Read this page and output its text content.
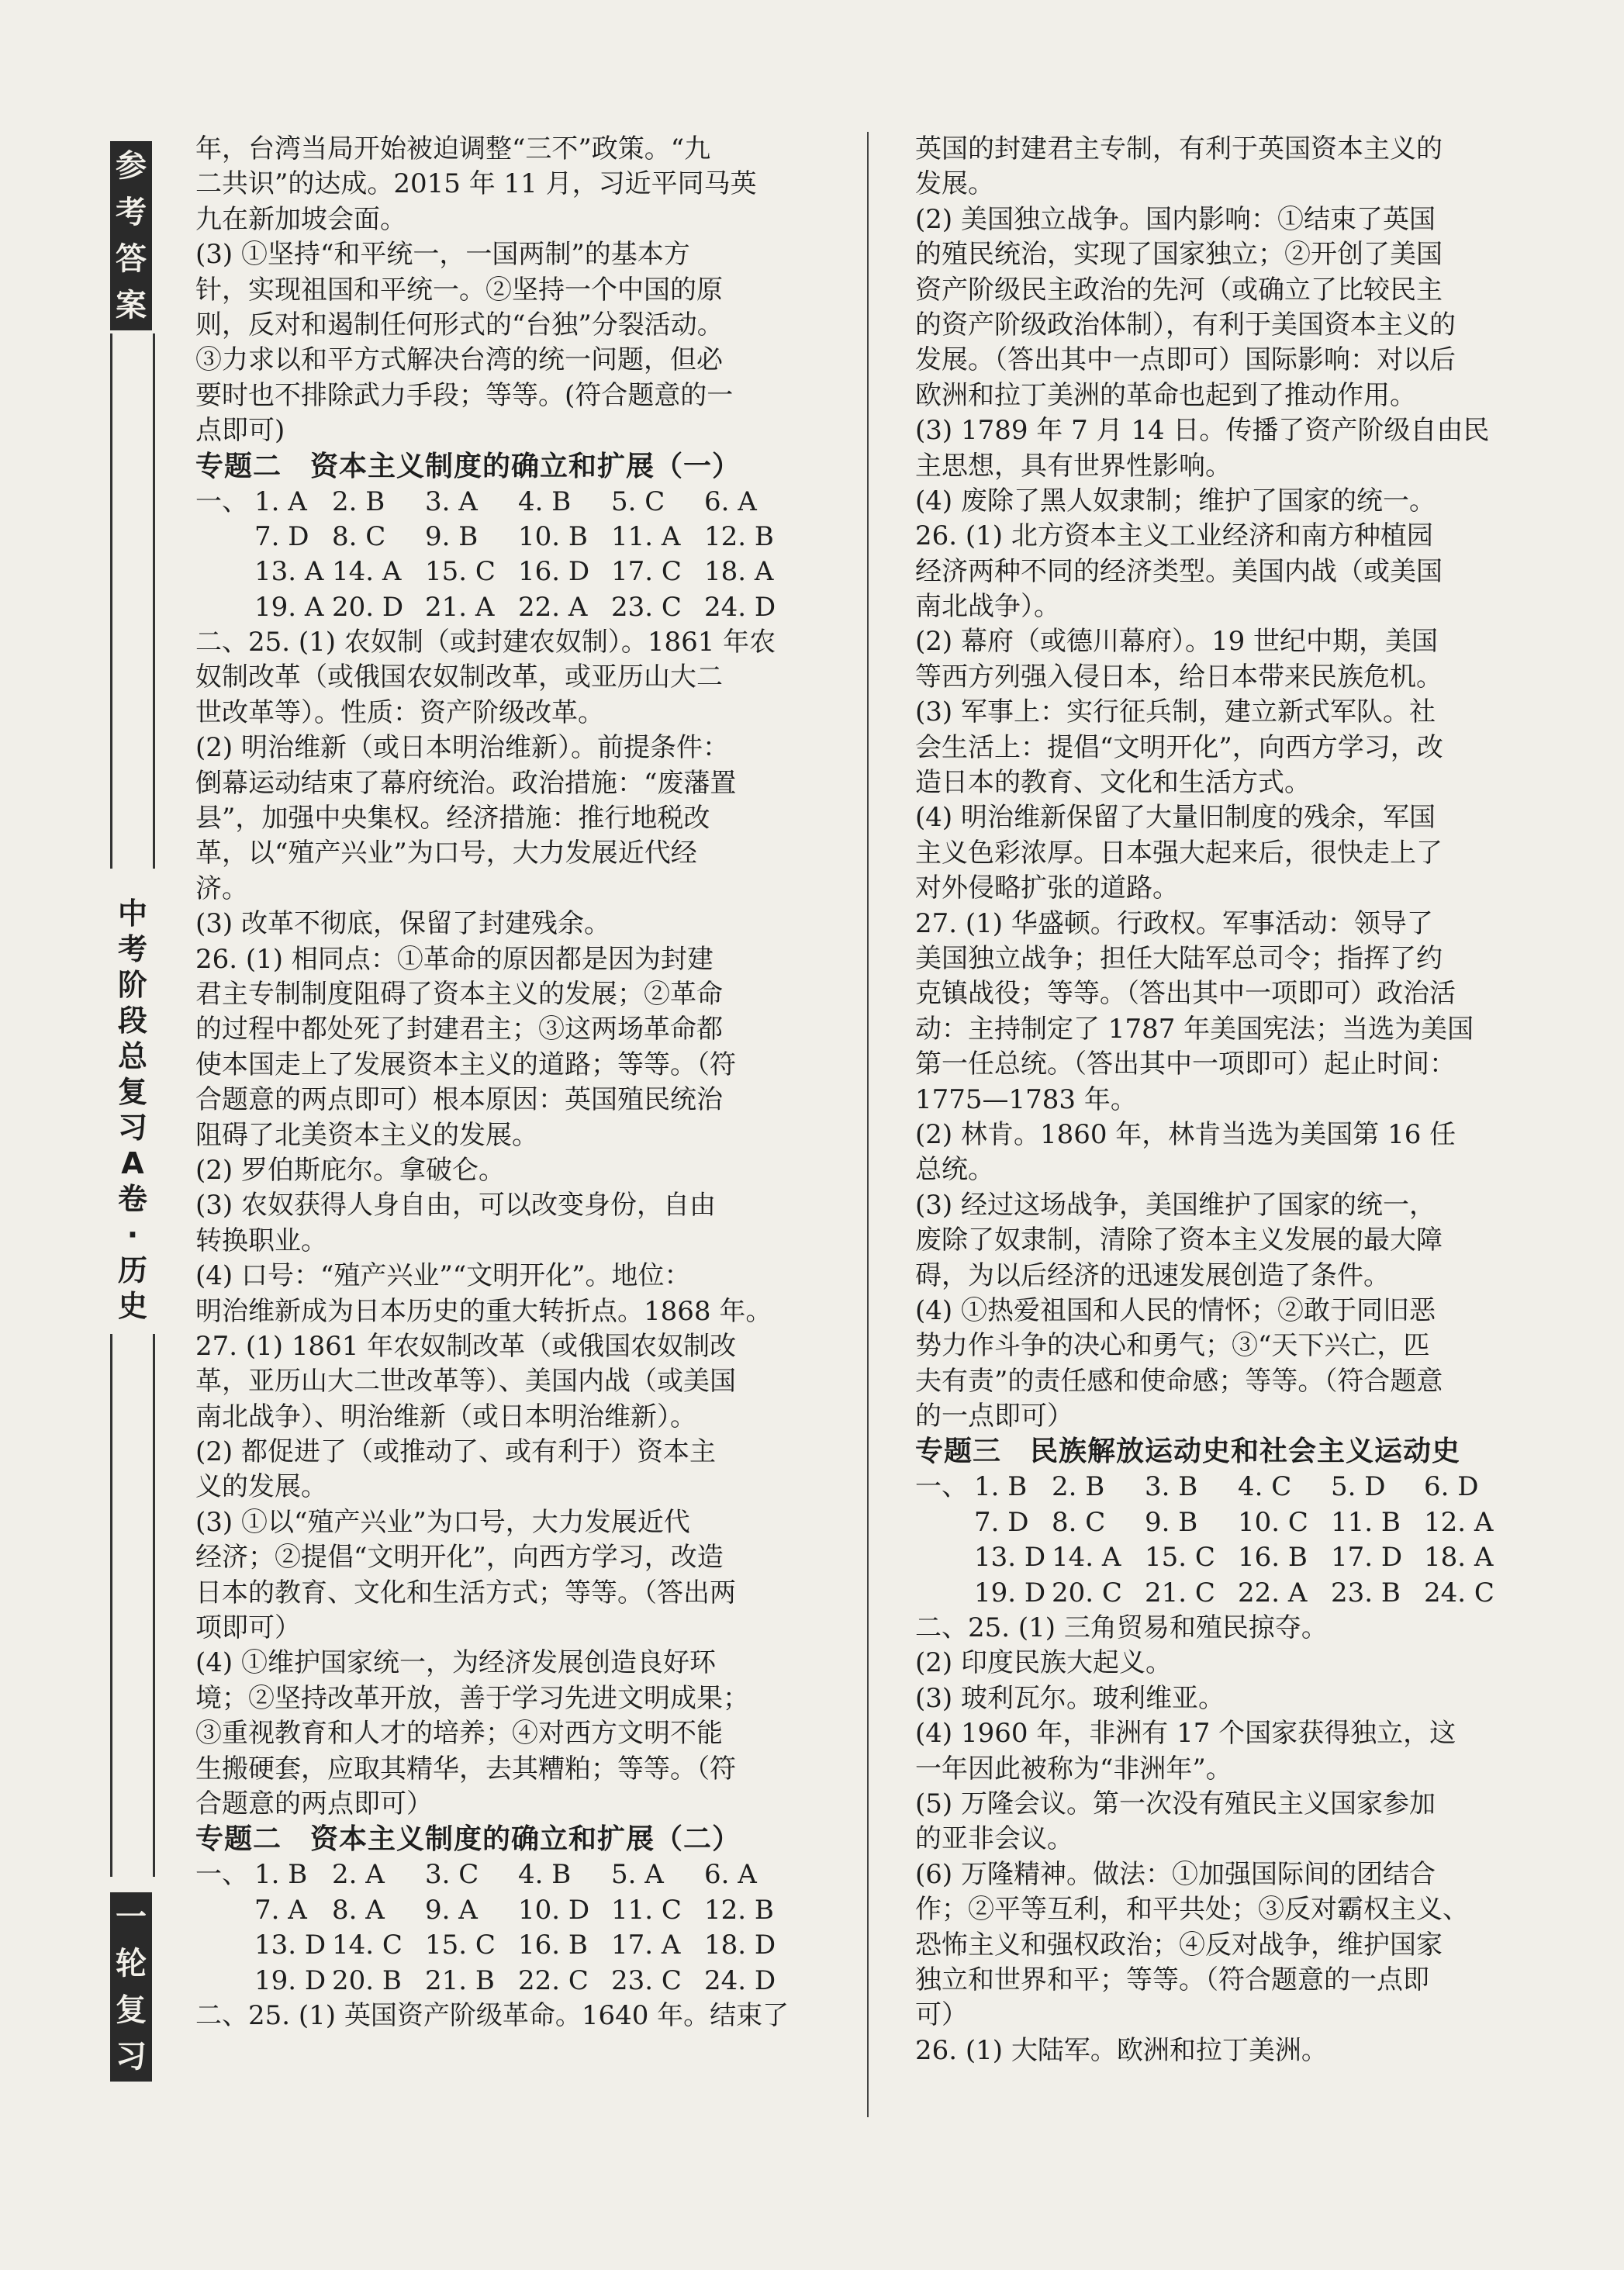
参
考
答
案
中
考
阶
段
总
复
习
A
卷
·
历
史
一
轮
复
习
年，台湾当局开始被迫调整“三不”政策。“九
二共识”的达成。2015 年 11 月，习近平同马英
九在新加坡会面。
(3) ①坚持“和平统一，一国两制”的基本方
针，实现祖国和平统一。②坚持一个中国的原
则，反对和遏制任何形式的“台独”分裂活动。
③力求以和平方式解决台湾的统一问题，但必
要时也不排除武力手段；等等。(符合题意的一
点即可)
专题二　资本主义制度的确立和扩展（一）
一、 1. A 2. B	3. A	4. B	5. C	6. A
7. D 8. C	9. B	10. B 11. A 12. B
13. A 14. A 15. C 16. D 17. C 18. A
19. A 20. D 21. A 22. A 23. C 24. D
二、25. (1) 农奴制（或封建农奴制）。1861 年农
奴制改革（或俄国农奴制改革，或亚历山大二
世改革等）。性质：资产阶级改革。
(2) 明治维新（或日本明治维新）。前提条件：
倒幕运动结束了幕府统治。政治措施：“废藩置
县”，加强中央集权。经济措施：推行地税改
革，以“殖产兴业”为口号，大力发展近代经
济。
(3) 改革不彻底，保留了封建残余。
26. (1) 相同点：①革命的原因都是因为封建
君主专制制度阻碍了资本主义的发展；②革命
的过程中都处死了封建君主；③这两场革命都
使本国走上了发展资本主义的道路；等等。（符
合题意的两点即可）根本原因：英国殖民统治
阻碍了北美资本主义的发展。
(2) 罗伯斯庇尔。拿破仑。
(3) 农奴获得人身自由，可以改变身份，自由
转换职业。
(4) 口号：“殖产兴业”“文明开化”。地位：
明治维新成为日本历史的重大转折点。1868 年。
27. (1) 1861 年农奴制改革（或俄国农奴制改
革，亚历山大二世改革等）、美国内战（或美国
南北战争）、明治维新（或日本明治维新）。
(2) 都促进了（或推动了、或有利于）资本主
义的发展。
(3) ①以“殖产兴业”为口号，大力发展近代
经济；②提倡“文明开化”，向西方学习，改造
日本的教育、文化和生活方式；等等。（答出两
项即可）
(4) ①维护国家统一，为经济发展创造良好环
境；②坚持改革开放，善于学习先进文明成果；
③重视教育和人才的培养；④对西方文明不能
生搬硬套，应取其精华，去其糟粕；等等。（符
合题意的两点即可）
专题二　资本主义制度的确立和扩展（二）
一、 1. B 2. A	3. C	4. B	5. A	6. A
7. A 8. A	9. A	10. D 11. C 12. B
13. D 14. C 15. C 16. B 17. A 18. D
19. D 20. B 21. B 22. C 23. C 24. D
二、25. (1) 英国资产阶级革命。1640 年。结束了
英国的封建君主专制，有利于英国资本主义的
发展。
(2) 美国独立战争。国内影响：①结束了英国
的殖民统治，实现了国家独立；②开创了美国
资产阶级民主政治的先河（或确立了比较民主
的资产阶级政治体制），有利于美国资本主义的
发展。（答出其中一点即可）国际影响：对以后
欧洲和拉丁美洲的革命也起到了推动作用。
(3) 1789 年 7 月 14 日。传播了资产阶级自由民
主思想，具有世界性影响。
(4) 废除了黑人奴隶制；维护了国家的统一。
26. (1) 北方资本主义工业经济和南方种植园
经济两种不同的经济类型。美国内战（或美国
南北战争）。
(2) 幕府（或德川幕府）。19 世纪中期，美国
等西方列强入侵日本，给日本带来民族危机。
(3) 军事上：实行征兵制，建立新式军队。社
会生活上：提倡“文明开化”，向西方学习，改
造日本的教育、文化和生活方式。
(4) 明治维新保留了大量旧制度的残余，军国
主义色彩浓厚。日本强大起来后，很快走上了
对外侵略扩张的道路。
27. (1) 华盛顿。行政权。军事活动：领导了
美国独立战争；担任大陆军总司令；指挥了约
克镇战役；等等。（答出其中一项即可）政治活
动：主持制定了 1787 年美国宪法；当选为美国
第一任总统。（答出其中一项即可）起止时间：
1775—1783 年。
(2) 林肯。1860 年，林肯当选为美国第 16 任
总统。
(3) 经过这场战争，美国维护了国家的统一，
废除了奴隶制，清除了资本主义发展的最大障
碍，为以后经济的迅速发展创造了条件。
(4) ①热爱祖国和人民的情怀；②敢于同旧恶
势力作斗争的决心和勇气；③“天下兴亡，匹
夫有责”的责任感和使命感；等等。（符合题意
的一点即可）
专题三　民族解放运动史和社会主义运动史
一、 1. B 2. B	3. B	4. C	5. D	6. D
7. D 8. C	9. B	10. C 11. B 12. A
13. D 14. A 15. C 16. B 17. D 18. A
19. D 20. C 21. C 22. A 23. B 24. C
二、25. (1) 三角贸易和殖民掠夺。
(2) 印度民族大起义。
(3) 玻利瓦尔。玻利维亚。
(4) 1960 年，非洲有 17 个国家获得独立，这
一年因此被称为“非洲年”。
(5) 万隆会议。第一次没有殖民主义国家参加
的亚非会议。
(6) 万隆精神。做法：①加强国际间的团结合
作；②平等互利，和平共处；③反对霸权主义、
恐怖主义和强权政治；④反对战争，维护国家
独立和世界和平；等等。（符合题意的一点即
可）
26. (1) 大陆军。欧洲和拉丁美洲。
